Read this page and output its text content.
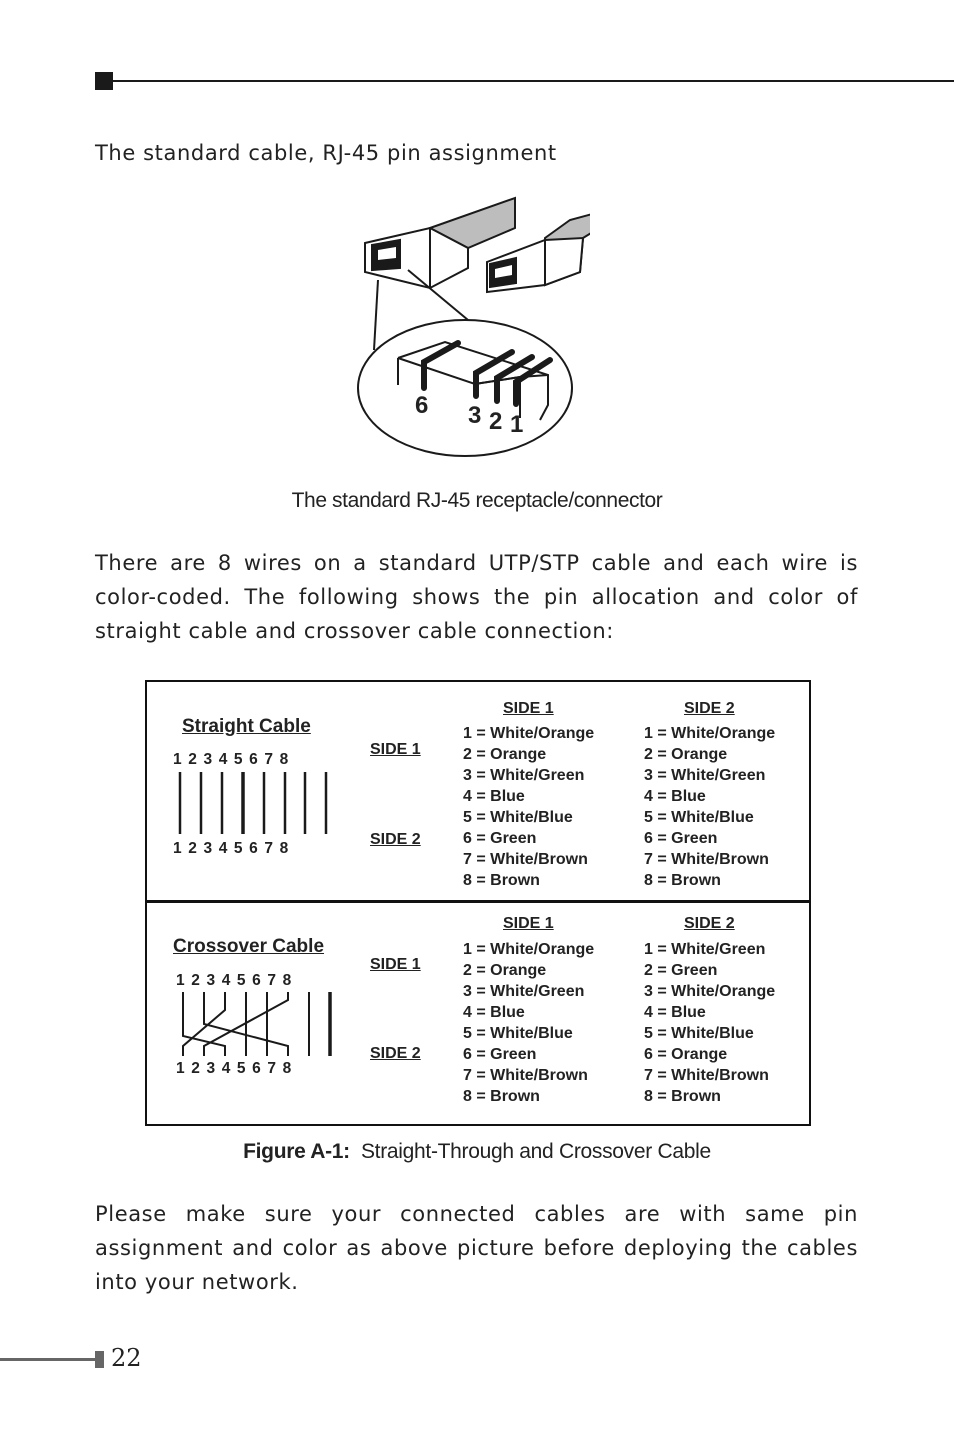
The standard cable, RJ-45 pin assignment
6 3 2 1
The standard RJ-45 receptacle/connector
There are 8 wires on a standard UTP/STP cable and each wire is color-coded. The following shows the pin allocation and color of straight cable and crossover cable connection:
Straight Cable
1  2  3  4  5  6  7  8
1  2  3  4  5  6  7  8
SIDE 1
SIDE 2
SIDE 1	SIDE 2
1 = White/Orange
2 = Orange
3 = White/Green
4 = Blue
5 = White/Blue
6 = Green
7 = White/Brown
8 = Brown
1 = White/Orange
2 = Orange
3 = White/Green
4 = Blue
5 = White/Blue
6 = Green
7 = White/Brown
8 = Brown
Crossover Cable
1  2  3  4  5  6  7  8
1  2  3  4  5  6  7  8
SIDE 1
SIDE 2
SIDE 1	SIDE 2
1 = White/Orange
2 = Orange
3 = White/Green
4 = Blue
5 = White/Blue
6 = Green
7 = White/Brown
8 = Brown
1 = White/Green
2 = Green
3 = White/Orange
4 = Blue
5 = White/Blue
6 = Orange
7 = White/Brown
8 = Brown
Figure A-1: Straight-Through and Crossover Cable
Please make sure your connected cables are with same pin assignment and color as above picture before deploying the cables into your network.
22
